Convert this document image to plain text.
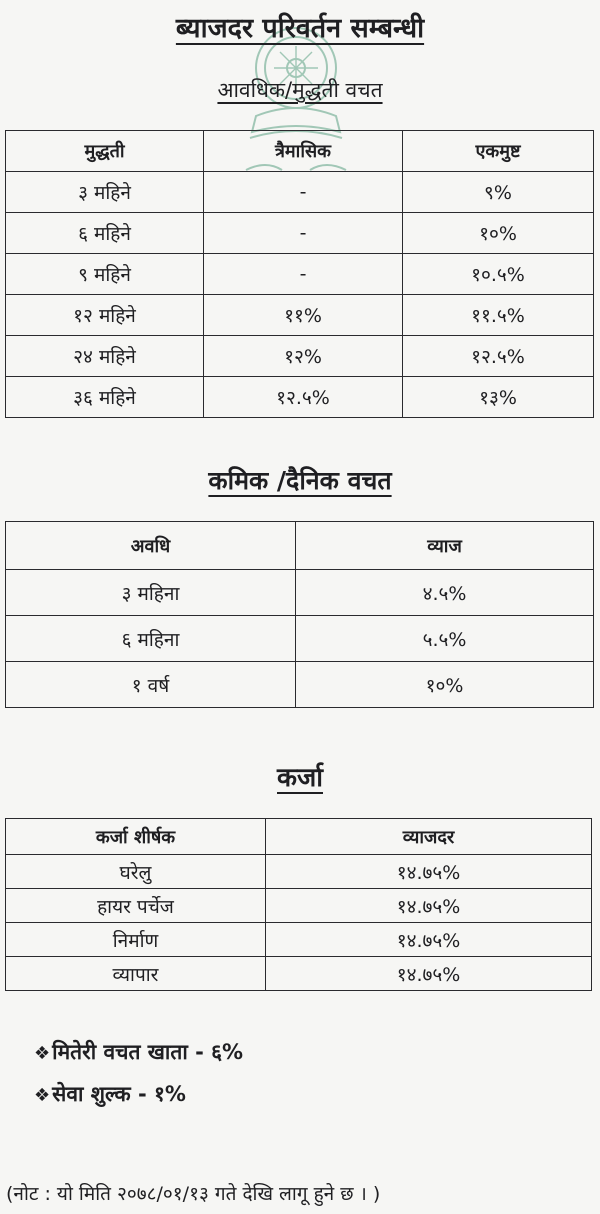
ब्याजदर परिवर्तन सम्बन्धी
आवधिक/मुद्धती वचत
मुद्धती	त्रैमासिक	एकमुष्ट
३ महिने	-	९%
६ महिने	-	१०%
९ महिने	-	१०.५%
१२ महिने	११%	११.५%
२४ महिने	१२%	१२.५%
३६ महिने	१२.५%	१३%
कमिक /दैनिक वचत
अवधि	व्याज
३ महिना	४.५%
६ महिना	५.५%
१ वर्ष	१०%
कर्जा
कर्जा शीर्षक	व्याजदर
घरेलु	१४.७५%
हायर पर्चेज	१४.७५%
निर्माण	१४.७५%
व्यापार	१४.७५%

❖मितेरी वचत खाता - ६%

❖सेवा शुल्क - १%

(नोट : यो मिति २०७८/०१/१३ गते देखि लागू हुने छ । )
